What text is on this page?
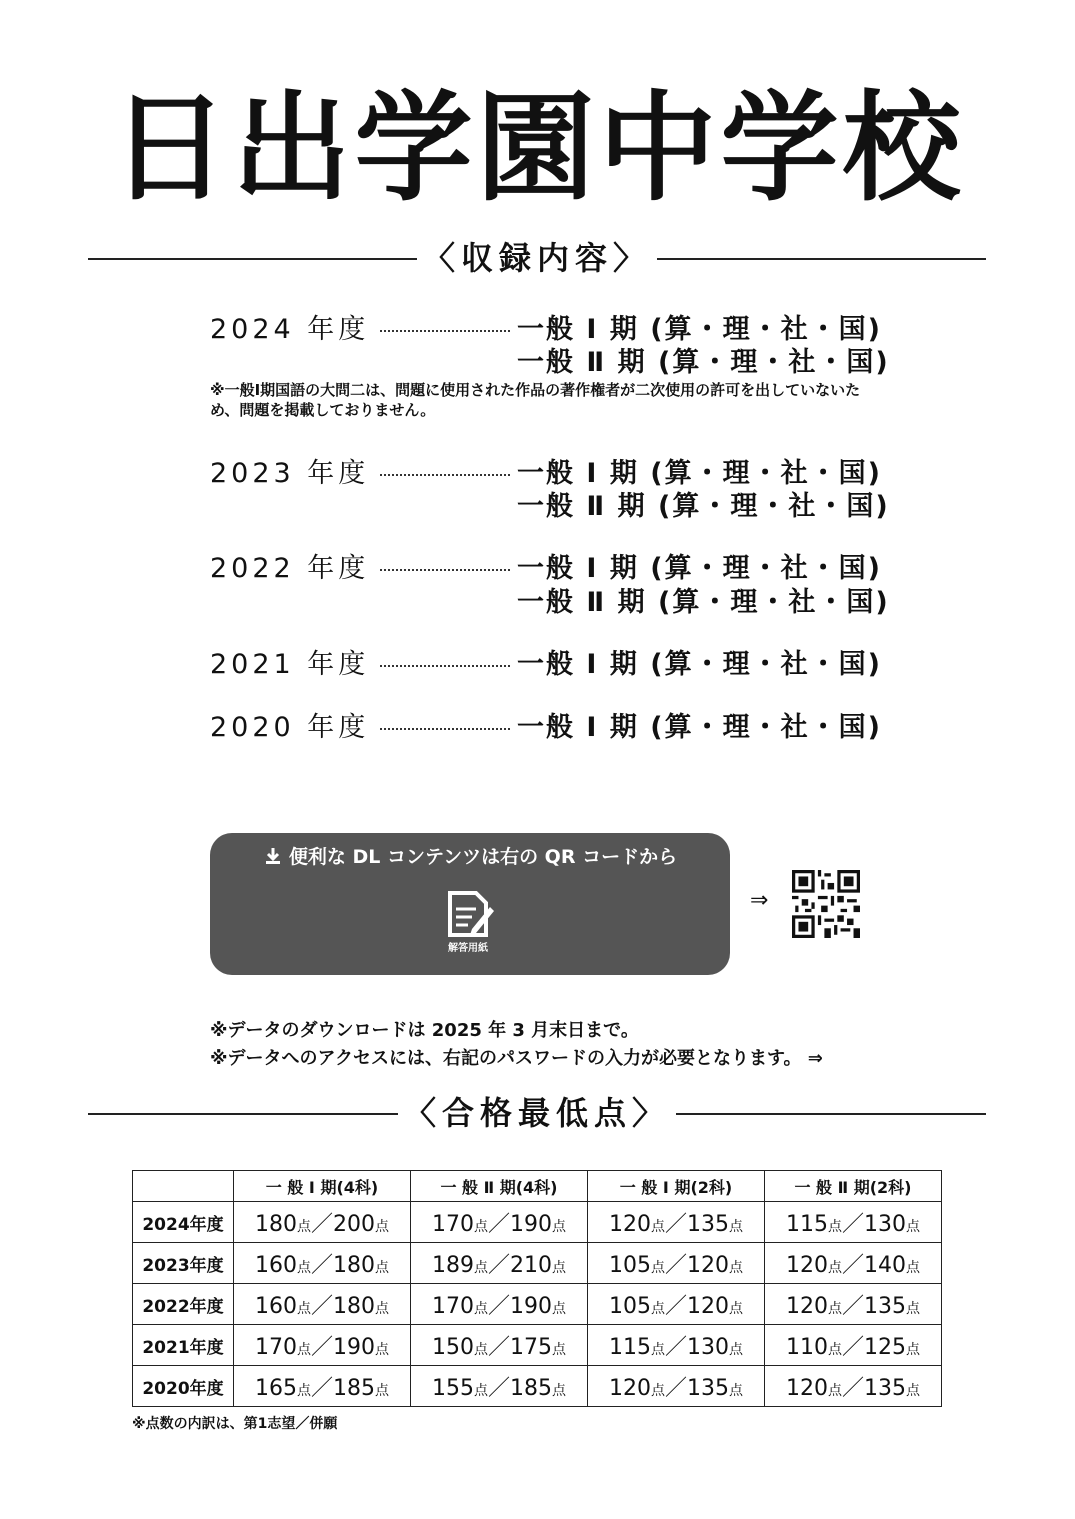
日出学園中学校
〈収録内容〉
2024 年度	一般 Ⅰ 期 (算・理・社・国)
一般 Ⅱ 期 (算・理・社・国)
※一般Ⅰ期国語の大問二は、問題に使用された作品の著作権者が二次使用の許可を出していないため、問題を掲載しておりません。
2023 年度	一般 Ⅰ 期 (算・理・社・国)
一般 Ⅱ 期 (算・理・社・国)
2022 年度	一般 Ⅰ 期 (算・理・社・国)
一般 Ⅱ 期 (算・理・社・国)
2021 年度	一般 Ⅰ 期 (算・理・社・国)
2020 年度	一般 Ⅰ 期 (算・理・社・国)
便利な DL コンテンツは右の QR コードから
解答用紙
⇒
※データのダウンロードは 2025 年 3 月末日まで。
※データへのアクセスには、右記のパスワードの入力が必要となります。 ⇒
〈合格最低点〉
	一 般 Ⅰ 期(4科)	一 般 Ⅱ 期(4科)	一 般 Ⅰ 期(2科)	一 般 Ⅱ 期(2科)
2024年度	180点／200点	170点／190点	120点／135点	115点／130点
2023年度	160点／180点	189点／210点	105点／120点	120点／140点
2022年度	160点／180点	170点／190点	105点／120点	120点／135点
2021年度	170点／190点	150点／175点	115点／130点	110点／125点
2020年度	165点／185点	155点／185点	120点／135点	120点／135点
※点数の内訳は、第1志望／併願
